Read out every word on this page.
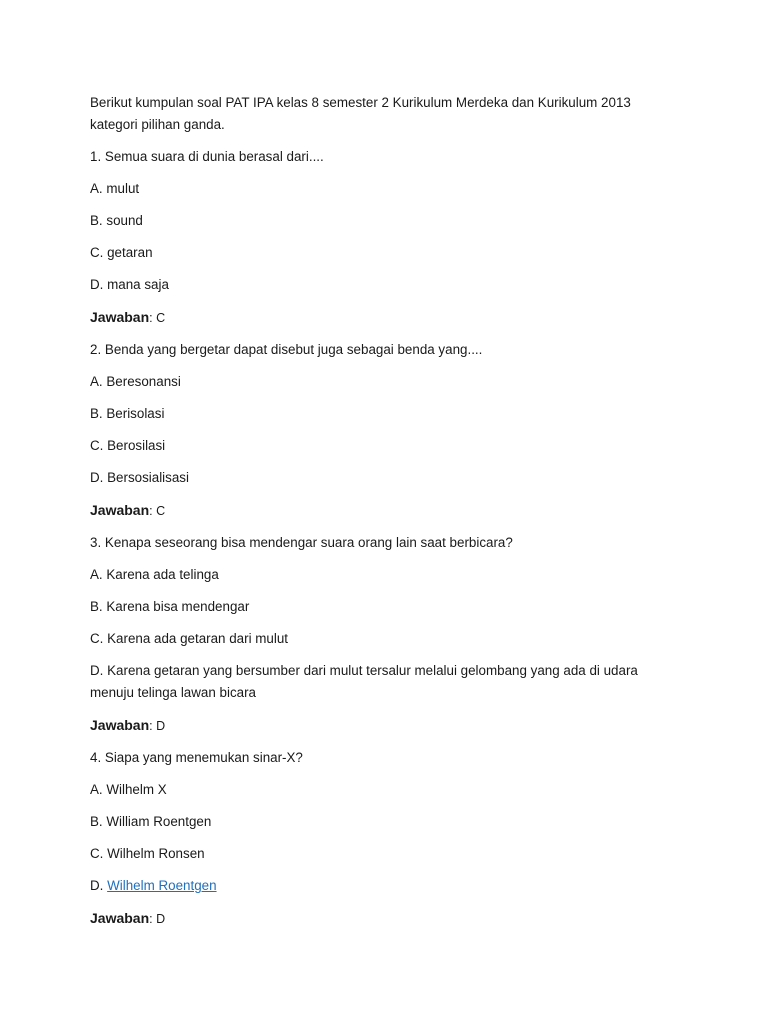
Berikut kumpulan soal PAT IPA kelas 8 semester 2 Kurikulum Merdeka dan Kurikulum 2013 kategori pilihan ganda.

1. Semua suara di dunia berasal dari....

A. mulut

B. sound

C. getaran

D. mana saja

Jawaban: C

2. Benda yang bergetar dapat disebut juga sebagai benda yang....

A. Beresonansi

B. Berisolasi

C. Berosilasi

D. Bersosialisasi

Jawaban: C

3. Kenapa seseorang bisa mendengar suara orang lain saat berbicara?

A. Karena ada telinga

B. Karena bisa mendengar

C. Karena ada getaran dari mulut

D. Karena getaran yang bersumber dari mulut tersalur melalui gelombang yang ada di udara menuju telinga lawan bicara

Jawaban: D

4. Siapa yang menemukan sinar-X?

A. Wilhelm X

B. William Roentgen

C. Wilhelm Ronsen

D. Wilhelm Roentgen

Jawaban: D
